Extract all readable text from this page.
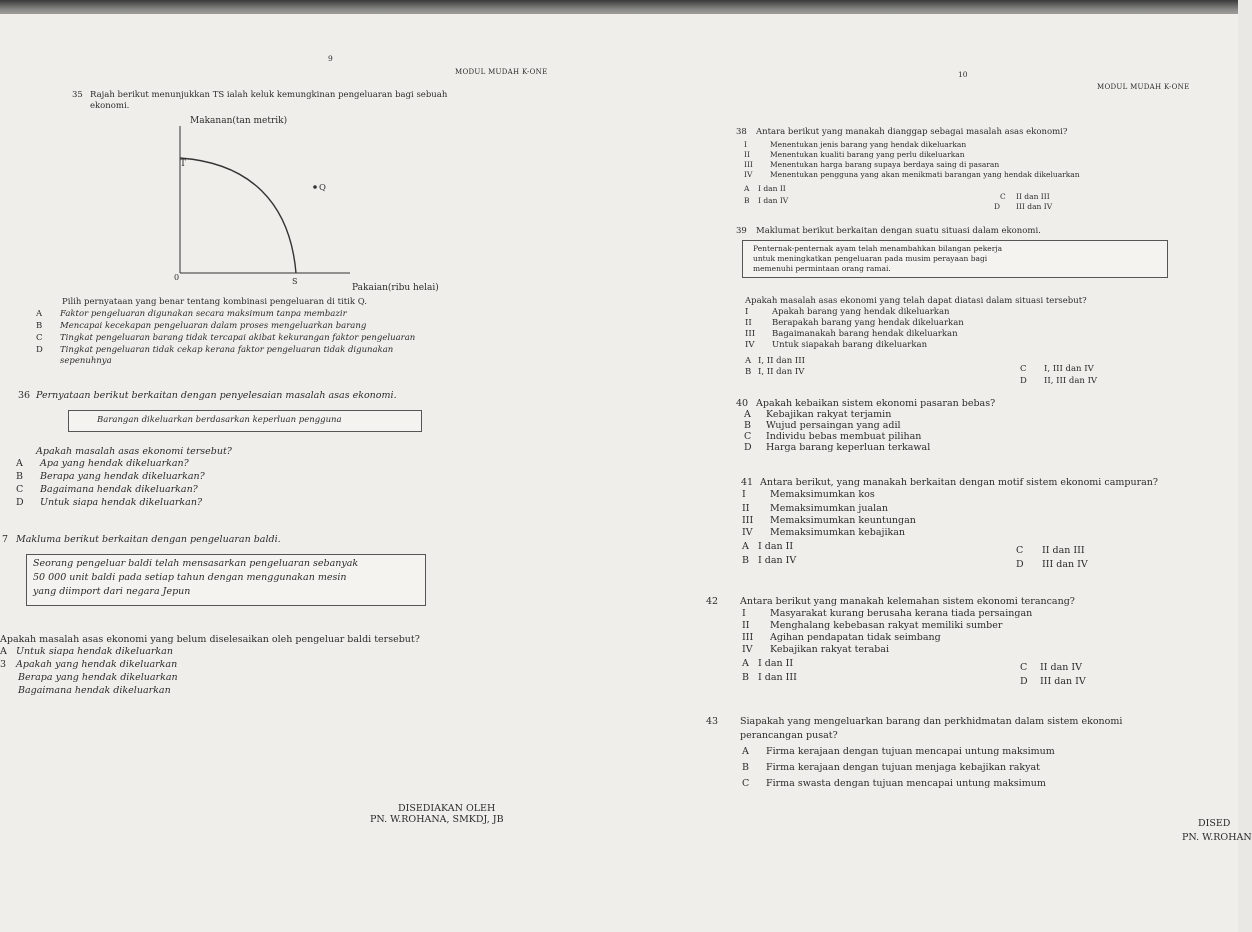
9
MODUL MUDAH K-ONE
35 Rajah berikut menunjukkan TS ialah keluk kemungkinan pengeluaran bagi sebuah
ekonomi.
Makanan(tan metrik)
T
0	S
Q
Pakaian(ribu helai)
Pilih pernyataan yang benar tentang kombinasi pengeluaran di titik Q.
A Faktor pengeluaran digunakan secara maksimum tanpa membazir
B Mencapai kecekapan pengeluaran dalam proses mengeluarkan barang
C Tingkat pengeluaran barang tidak tercapai akibat kekurangan faktor pengeluaran
D Tingkat pengeluaran tidak cekap kerana faktor pengeluaran tidak digunakan
sepenuhnya
36 Pernyataan berikut berkaitan dengan penyelesaian masalah asas ekonomi.
Barangan dikeluarkan berdasarkan keperluan pengguna
Apakah masalah asas ekonomi tersebut?
A Apa yang hendak dikeluarkan?
B Berapa yang hendak dikeluarkan?
C Bagaimana hendak dikeluarkan?
D Untuk siapa hendak dikeluarkan?
7 Makluma berikut berkaitan dengan pengeluaran baldi.
Seorang pengeluar baldi telah mensasarkan pengeluaran sebanyak
50 000 unit baldi pada setiap tahun dengan menggunakan mesin
yang diimport dari negara Jepun
Apakah masalah asas ekonomi yang belum diselesaikan oleh pengeluar baldi tersebut?
A Untuk siapa hendak dikeluarkan
3 Apakah yang hendak dikeluarkan
Berapa yang hendak dikeluarkan
Bagaimana hendak dikeluarkan
DISEDIAKAN OLEH
PN. W.ROHANA, SMKDJ, JB
10
MODUL MUDAH K-ONE
38 Antara berikut yang manakah dianggap sebagai masalah asas ekonomi?
I	Menentukan jenis barang yang hendak dikeluarkan
II	Menentukan kualiti barang yang perlu dikeluarkan
III Menentukan harga barang supaya berdaya saing di pasaran
IV Menentukan pengguna yang akan menikmati barangan yang hendak dikeluarkan
A I dan II
B I dan IV	C II dan III
D III dan IV
39 Maklumat berikut berkaitan dengan suatu situasi dalam ekonomi.
Penternak-penternak ayam telah menambahkan bilangan pekerja
untuk meningkatkan pengeluaran pada musim perayaan bagi
memenuhi permintaan orang ramai.
Apakah masalah asas ekonomi yang telah dapat diatasi dalam situasi tersebut?
I	Apakah barang yang hendak dikeluarkan
II Berapakah barang yang hendak dikeluarkan
III Bagaimanakah barang hendak dikeluarkan
IV Untuk siapakah barang dikeluarkan
A I, II dan III
B I, II dan IV	C I, III dan IV
D II, III dan IV
40 Apakah kebaikan sistem ekonomi pasaran bebas?
A Kebajikan rakyat terjamin
B Wujud persaingan yang adil
C Individu bebas membuat pilihan
D Harga barang keperluan terkawal
41 Antara berikut, yang manakah berkaitan dengan motif sistem ekonomi campuran?
I	Memaksimumkan kos
II Memaksimumkan jualan
III Memaksimumkan keuntungan
IV Memaksimumkan kebajikan
A I dan II
B I dan IV
C II dan III
D III dan IV
42 Antara berikut yang manakah kelemahan sistem ekonomi terancang?
I	Masyarakat kurang berusaha kerana tiada persaingan
II Menghalang kebebasan rakyat memiliki sumber
III Agihan pendapatan tidak seimbang
IV Kebajikan rakyat terabai
A I dan II
B I dan III
C II dan IV
D III dan IV
43 Siapakah yang mengeluarkan barang dan perkhidmatan dalam sistem ekonomi
perancangan pusat?
A Firma kerajaan dengan tujuan mencapai untung maksimum
B Firma kerajaan dengan tujuan menjaga kebajikan rakyat
C Firma swasta dengan tujuan mencapai untung maksimum
DISED
PN. W.ROHAN
